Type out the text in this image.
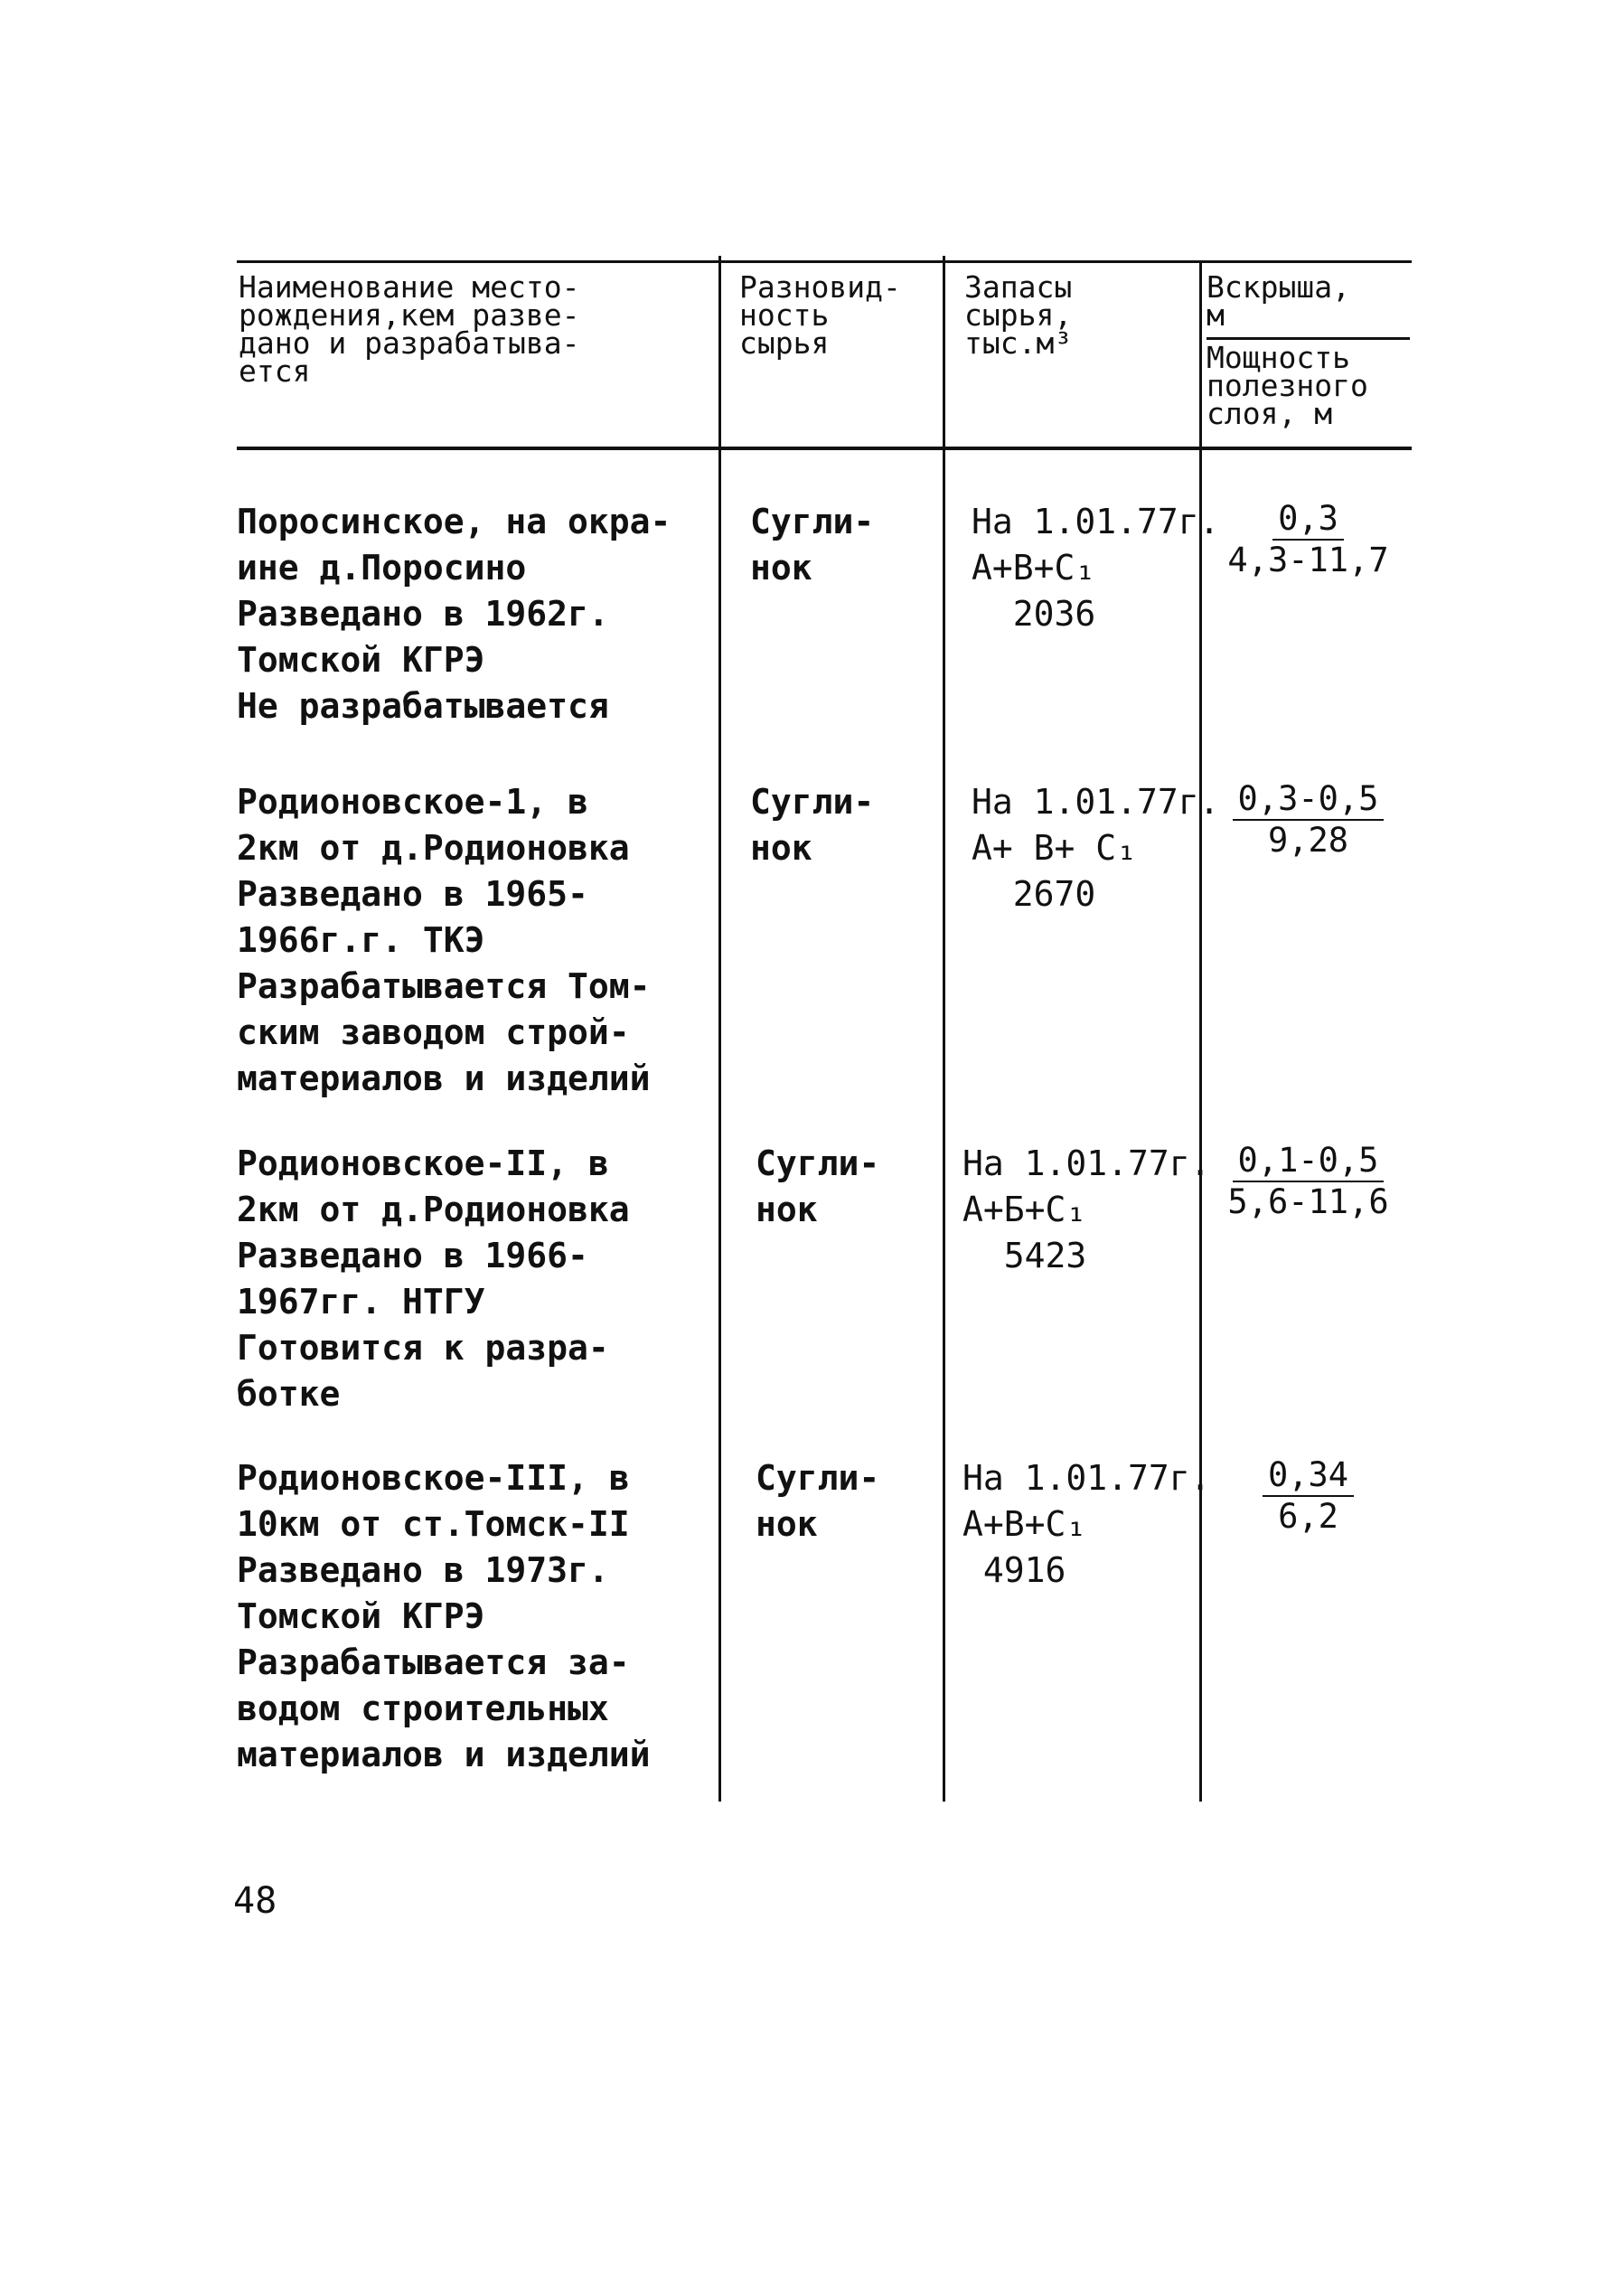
Наименование место-
рождения,кем разве-
дано и разрабатыва-
ется
Разновид-
ность
сырья
Запасы
сырья,
тыс.м³
Вскрыша,
м
Мощность
полезного
слоя, м
Поросинское, на окра-
ине д.Поросино
Разведано в 1962г.
Томской КГРЭ
Не разрабатывается
Сугли-
нок
На 1.01.77г.
А+В+С₁
2036
$\frac{0,3}{4,3-11,7}$
Родионовское-1, в
2км от д.Родионовка
Разведано в 1965-
1966г.г. ТКЭ
Разрабатывается Том-
ским заводом строй-
материалов и изделий
Сугли-
нок
На 1.01.77г.
А+ В+ С₁
2670
$\frac{0,3-0,5}{9,28}$
Родионовское-II, в
2км от д.Родионовка
Разведано в 1966-
1967гг. НТГУ
Готовится к разра-
ботке
Сугли-
нок
На 1.01.77г.
А+Б+С₁
5423
$\frac{0,1-0,5}{5,6-11,6}$
Родионовское-III, в
10км от ст.Томск-II
Разведано в 1973г.
Томской КГРЭ
Разрабатывается за-
водом строительных
материалов и изделий
Сугли-
нок
На 1.01.77г.
А+В+С₁
4916
$\frac{0,34}{6,2}$
48
